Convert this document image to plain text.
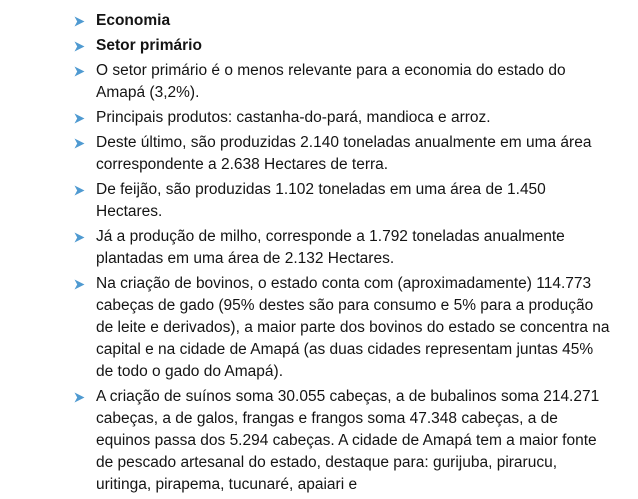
Economia
Setor primário
O setor primário é o menos relevante para a economia do estado do Amapá (3,2%).
Principais produtos: castanha-do-pará, mandioca e arroz.
Deste último, são produzidas 2.140 toneladas anualmente em uma área correspondente a 2.638 Hectares de terra.
De feijão, são produzidas 1.102 toneladas em uma área de 1.450 Hectares.
Já a produção de milho, corresponde a 1.792 toneladas anualmente plantadas em uma área de 2.132 Hectares.
Na criação de bovinos, o estado conta com (aproximadamente) 114.773 cabeças de gado (95% destes são para consumo e 5% para a produção de leite e derivados), a maior parte dos bovinos do estado se concentra na capital e na cidade de Amapá (as duas cidades representam juntas 45% de todo o gado do Amapá).
A criação de suínos soma 30.055 cabeças, a de bubalinos soma 214.271 cabeças, a de galos, frangas e frangos soma 47.348 cabeças, a de equinos passa dos 5.294 cabeças. A cidade de Amapá tem a maior fonte de pescado artesanal do estado, destaque para: gurijuba, pirarucu, uritinga, pirapema, tucunaré, apaiari e
